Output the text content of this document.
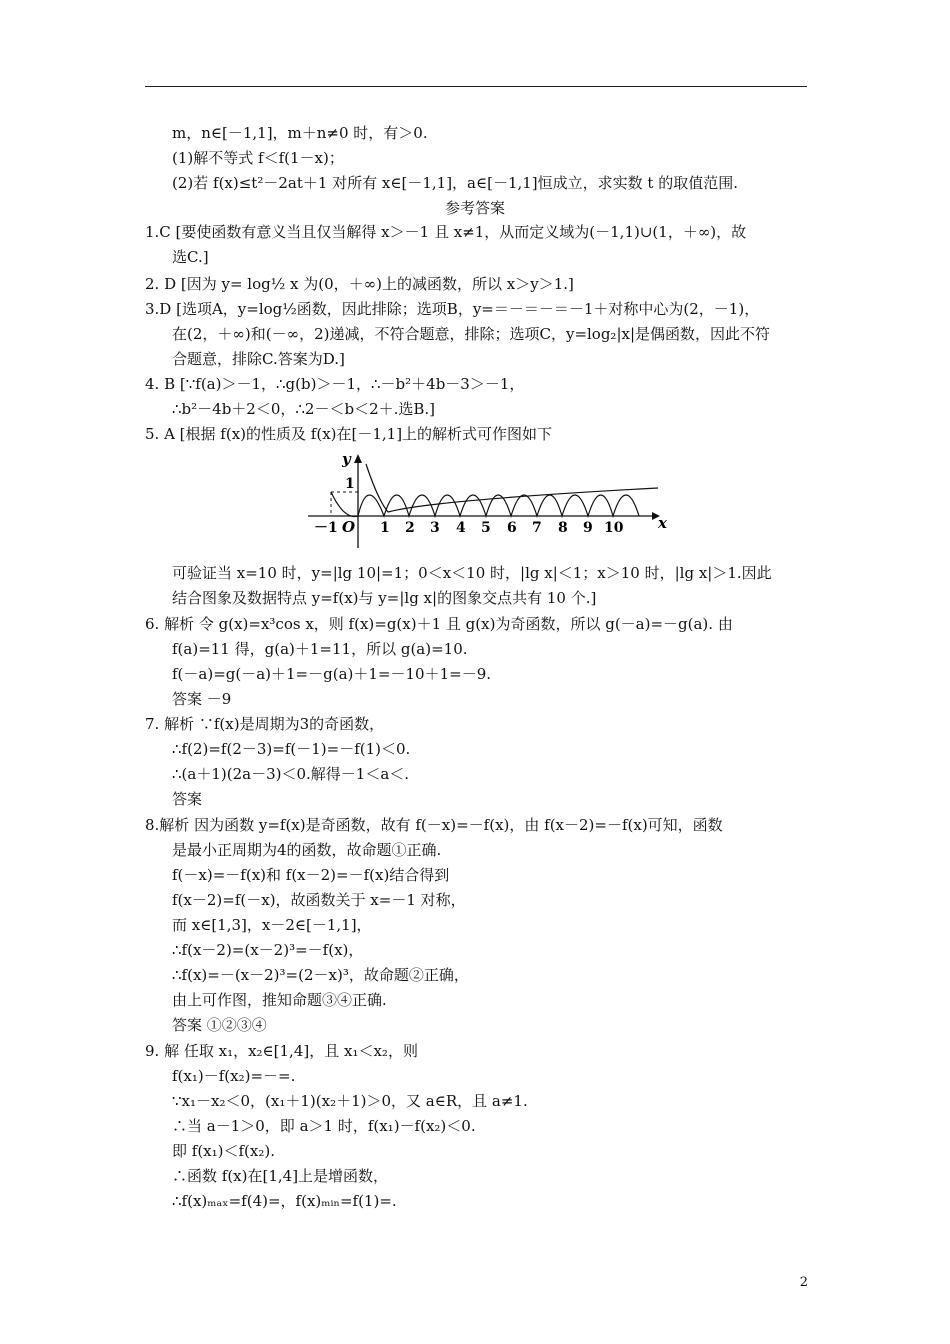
m，n∈[－1,1]，m＋n≠0 时，有＞0.
(1)解不等式 f＜f(1－x)；
(2)若 f(x)≤t²－2at＋1 对所有 x∈[－1,1]，a∈[－1,1]恒成立，求实数 t 的取值范围.
参考答案
1.C [要使函数有意义当且仅当解得 x＞－1 且 x≠1，从而定义域为(－1,1)∪(1，＋∞)，故
选C.]
2. D [因为 y= log½ x 为(0，＋∞)上的减函数，所以 x＞y＞1.]
3.D [选项A，y=log½函数，因此排除；选项B，y=＝－＝－＝－1＋对称中心为(2，－1)，
在(2，＋∞)和(－∞，2)递减，不符合题意，排除；选项C，y=log₂|x|是偶函数，因此不符
合题意，排除C.答案为D.]
4. B [∵f(a)＞－1，∴g(b)＞－1，∴－b²＋4b－3＞－1，
∴b²－4b＋2＜0，∴2－＜b＜2＋.选B.]
5. A [根据 f(x)的性质及 f(x)在[－1,1]上的解析式可作图如下
y
x
1
O
－1	1 2 3 4 5 6 7 8 9 10
可验证当 x=10 时，y=|lg 10|=1；0＜x＜10 时，|lg x|＜1；x＞10 时，|lg x|＞1.因此
结合图象及数据特点 y=f(x)与 y=|lg x|的图象交点共有 10 个.]
6. 解析 令 g(x)=x³cos x，则 f(x)=g(x)＋1 且 g(x)为奇函数，所以 g(－a)=－g(a). 由
f(a)=11 得，g(a)＋1=11，所以 g(a)=10.
f(－a)=g(－a)＋1=－g(a)＋1=－10＋1=－9.
答案 －9
7. 解析 ∵f(x)是周期为3的奇函数，
∴f(2)=f(2－3)=f(－1)=－f(1)＜0.
∴(a＋1)(2a－3)＜0.解得－1＜a＜.
答案
8.解析 因为函数 y=f(x)是奇函数，故有 f(－x)=－f(x)，由 f(x－2)=－f(x)可知，函数
是最小正周期为4的函数，故命题①正确.
f(－x)=－f(x)和 f(x－2)=－f(x)结合得到
f(x－2)=f(－x)，故函数关于 x=－1 对称，
而 x∈[1,3]，x－2∈[－1,1]，
∴f(x－2)=(x－2)³=－f(x)，
∴f(x)=－(x－2)³=(2－x)³，故命题②正确，
由上可作图，推知命题③④正确.
答案 ①②③④
9. 解 任取 x₁，x₂∈[1,4]，且 x₁＜x₂，则
f(x₁)－f(x₂)=－=.
∵x₁－x₂＜0，(x₁＋1)(x₂＋1)＞0，又 a∈R，且 a≠1.
∴当 a－1＞0，即 a＞1 时，f(x₁)－f(x₂)＜0.
即 f(x₁)＜f(x₂).
∴函数 f(x)在[1,4]上是增函数，
∴f(x)ₘₐₓ=f(4)=，f(x)ₘᵢₙ=f(1)=.
2
